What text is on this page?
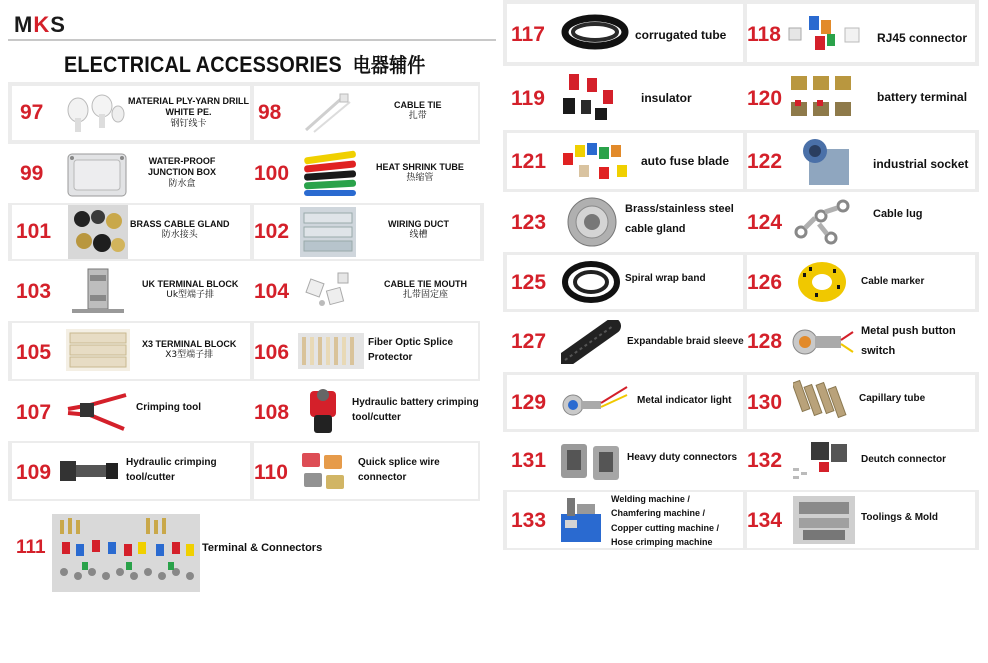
MKS
ELECTRICAL ACCESSORIES 电器辅件
97	MATERIAL PLY-YARN DRILL
WHITE PE.
钢钉线卡	98	CABLE TIE
扎带
99
WATER-PROOF
JUNCTION BOX
防水盒	100	HEAT SHRINK TUBE
热缩管
101	BRASS CABLE GLAND
防水接头	102	WIRING DUCT
线槽
103	UK TERMINAL BLOCK
Uk型端子排	104	CABLE TIE MOUTH
扎带固定座
105	X3 TERMINAL BLOCK
X3型端子排	106	Fiber Optic Splice
Protector
107	Crimping tool	108	Hydraulic battery crimping
tool/cutter
109	Hydraulic crimping
tool/cutter	110	Quick splice wire
connector
111	Terminal & Connectors
117	corrugated tube 118	RJ45 connector
119	insulator	120	battery terminal
121	auto fuse blade 122	industrial socket
123
Brass/stainless steel
cable gland	124	Cable lug
125	Spiral wrap band 126	Cable marker
127	Expandable braid sleeve 128	Metal push button
switch
129	Metal indicator light 130	Capillary tube
131	Heavy duty connectors 132	Deutch connector
133
Welding machine /
Chamfering machine /
Copper cutting machine /
Hose crimping machine
134	Toolings & Mold
